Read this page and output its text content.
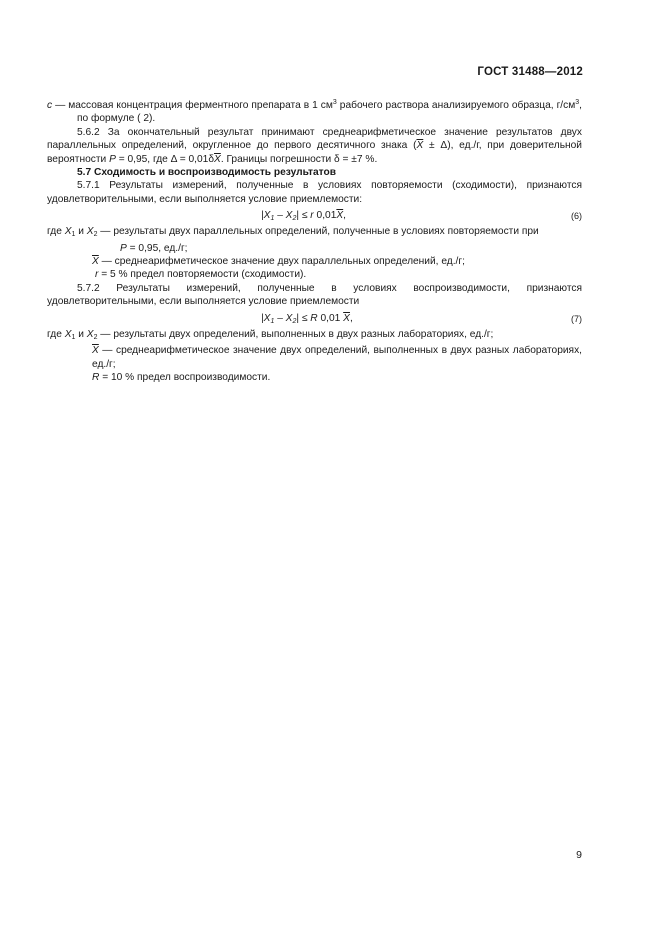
ГОСТ 31488—2012

c — массовая концентрация ферментного препарата в 1 $см^3$ рабочего раствора анализируемого образца, $г/см^3$, по формуле ( 2).

5.6.2 За окончательный результат принимают среднеарифметическое значение результатов двух параллельных определений, округленное до первого десятичного знака $(\overline{X} \pm \Delta)$, ед./г, при доверительной вероятности P = 0,95, где $\Delta = 0,01\delta\overline{X}$. Границы погрешности δ = ±7 %.

5.7 Сходимость и воспроизводимость результатов

5.7.1 Результаты измерений, полученные в условиях повторяемости (сходимости), признаются удовлетворительными, если выполняется условие приемлемости:

$|X_1 - X_2| \le r$ $0,01\overline{X}$,	(6)

где $X_1$ и $X_2$ — результаты двух параллельных определений, полученные в условиях повторяемости при

P = 0,95, ед./г;

$\overline{X}$ — среднеарифметическое значение двух параллельных определений, ед./г;

r = 5 % предел повторяемости (сходимости).

5.7.2 Результаты измерений, полученные в условиях воспроизводимости, признаются удовлетворительными, если выполняется условие приемлемости

$|X_1 - X_2| \le R$ 0,01 $\overline{X}$,	(7)

где $X_1$ и $X_2$ — результаты двух определений, выполненных в двух разных лабораториях, ед./г;

$\overline{X}$ — среднеарифметическое значение двух определений, выполненных в двух разных лабораториях, ед./г;

R = 10 % предел воспроизводимости.

9
